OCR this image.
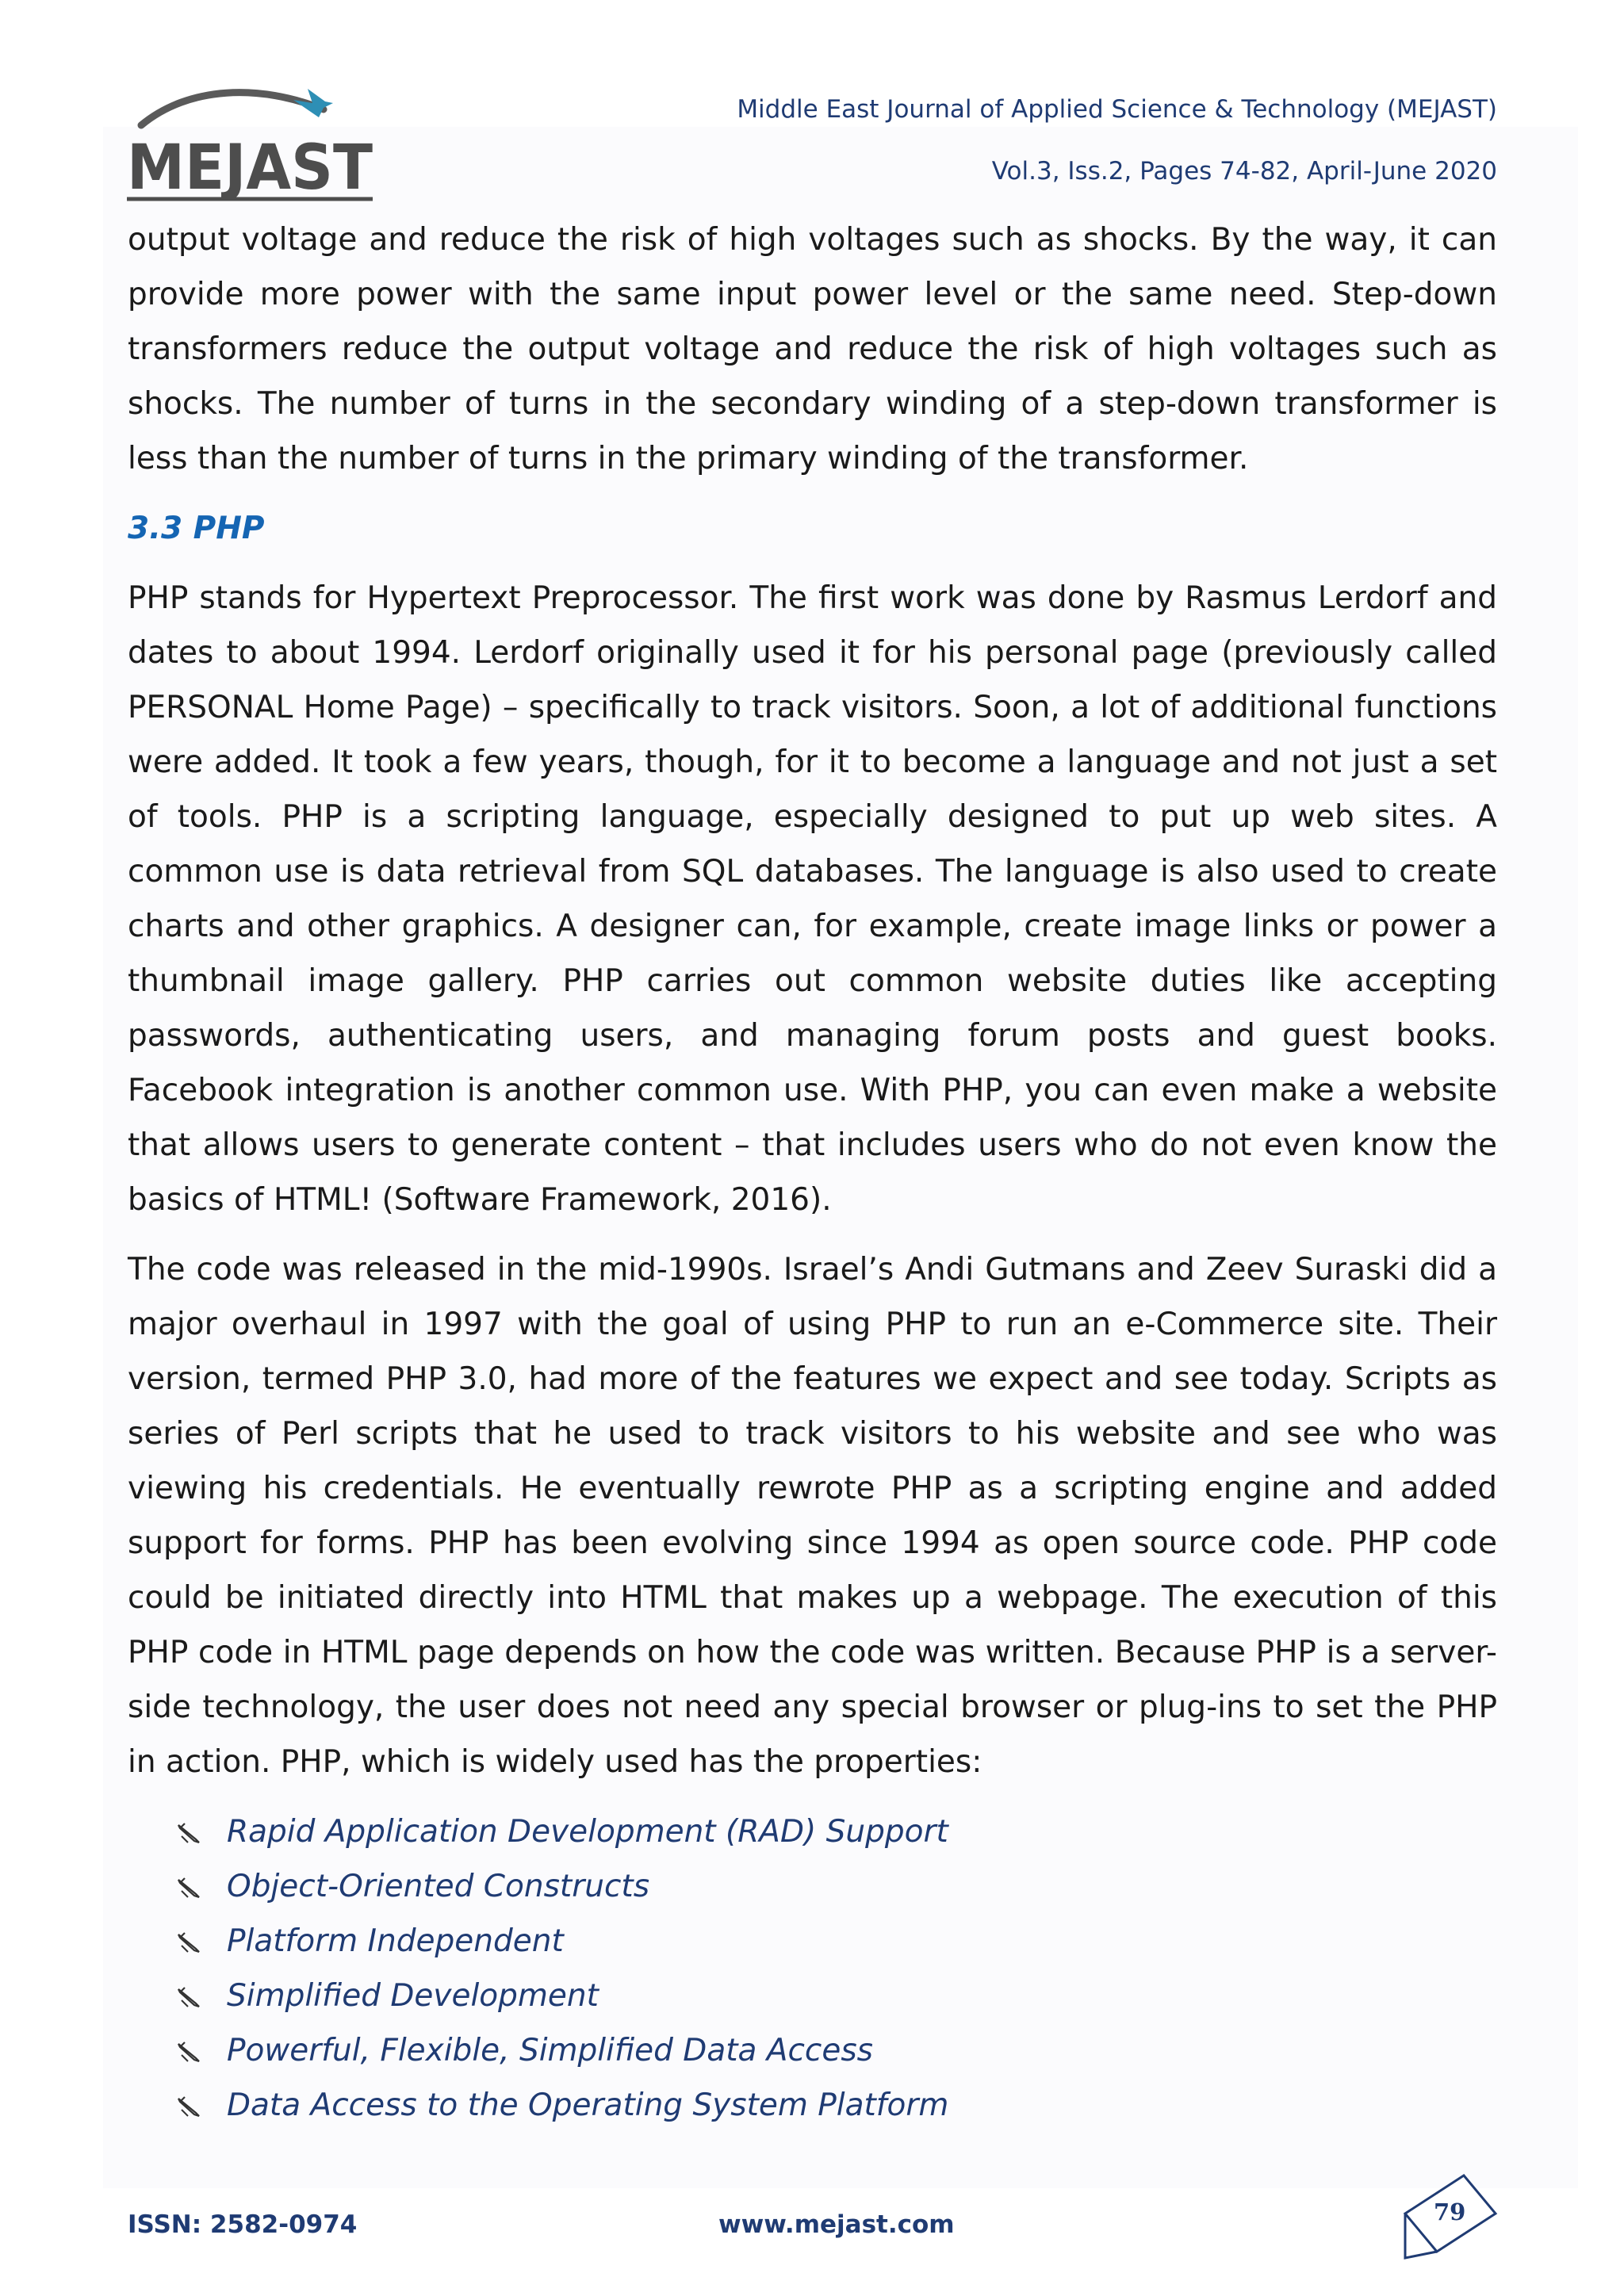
MEJAST
Middle East Journal of Applied Science & Technology (MEJAST)
Vol.3, Iss.2, Pages 74-82, April-June 2020

output voltage and reduce the risk of high voltages such as shocks. By the way, it can provide more power with the same input power level or the same need. Step-down transformers reduce the output voltage and reduce the risk of high voltages such as shocks. The number of turns in the secondary winding of a step-down transformer is less than the number of turns in the primary winding of the transformer.

3.3 PHP

PHP stands for Hypertext Preprocessor. The first work was done by Rasmus Lerdorf and dates to about 1994. Lerdorf originally used it for his personal page (previously called PERSONAL Home Page) – specifically to track visitors. Soon, a lot of additional functions were added. It took a few years, though, for it to become a language and not just a set of tools. PHP is a scripting language, especially designed to put up web sites. A common use is data retrieval from SQL databases. The language is also used to create charts and other graphics. A designer can, for example, create image links or power a thumbnail image gallery. PHP carries out common website duties like accepting passwords, authenticating users, and managing forum posts and guest books. Facebook integration is another common use. With PHP, you can even make a website that allows users to generate content – that includes users who do not even know the basics of HTML! (Software Framework, 2016).

The code was released in the mid-1990s. Israel’s Andi Gutmans and Zeev Suraski did a major overhaul in 1997 with the goal of using PHP to run an e-Commerce site. Their version, termed PHP 3.0, had more of the features we expect and see today. Scripts as series of Perl scripts that he used to track visitors to his website and see who was viewing his credentials. He eventually rewrote PHP as a scripting engine and added support for forms. PHP has been evolving since 1994 as open source code. PHP code could be initiated directly into HTML that makes up a webpage. The execution of this PHP code in HTML page depends on how the code was written. Because PHP is a server-side technology, the user does not need any special browser or plug-ins to set the PHP in action. PHP, which is widely used has the properties:

Rapid Application Development (RAD) Support
Object-Oriented Constructs
Platform Independent
Simplified Development
Powerful, Flexible, Simplified Data Access
Data Access to the Operating System Platform
ISSN: 2582-0974	www.mejast.com	79
